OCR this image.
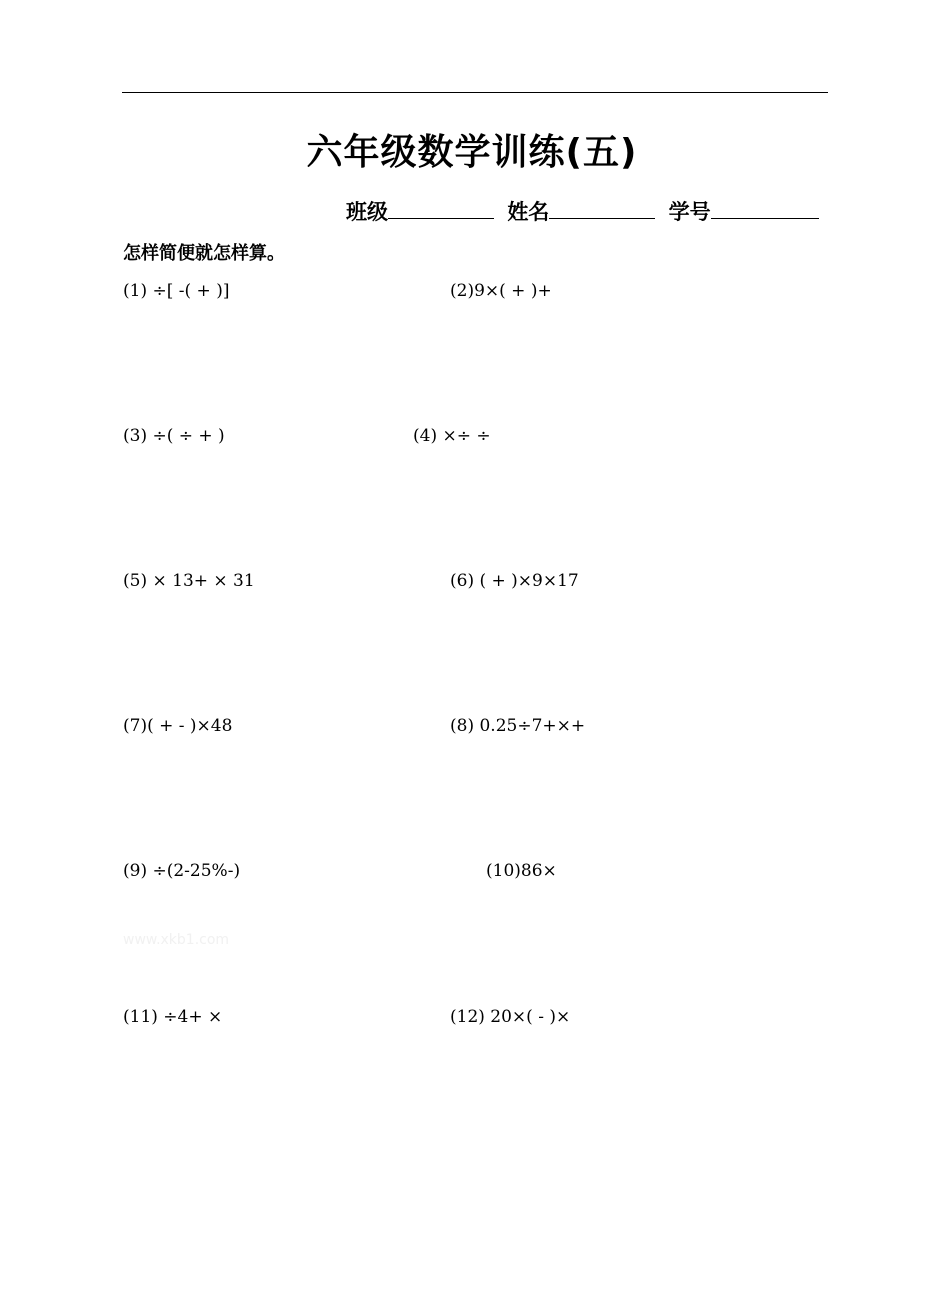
六年级数学训练(五)
班级	姓名	学号
怎样简便就怎样算。
(1) ÷[ -( + )]	(2)9×( + )+
(3) ÷( ÷ + )	(4) ×÷ ÷
(5) × 13+ × 31	(6) ( + )×9×17
(7)( + - )×48	(8) 0.25÷7+×+
(9) ÷(2-25%-)	(10)86×
www.xkb1.com
(11) ÷4+ ×	(12) 20×( - )×
